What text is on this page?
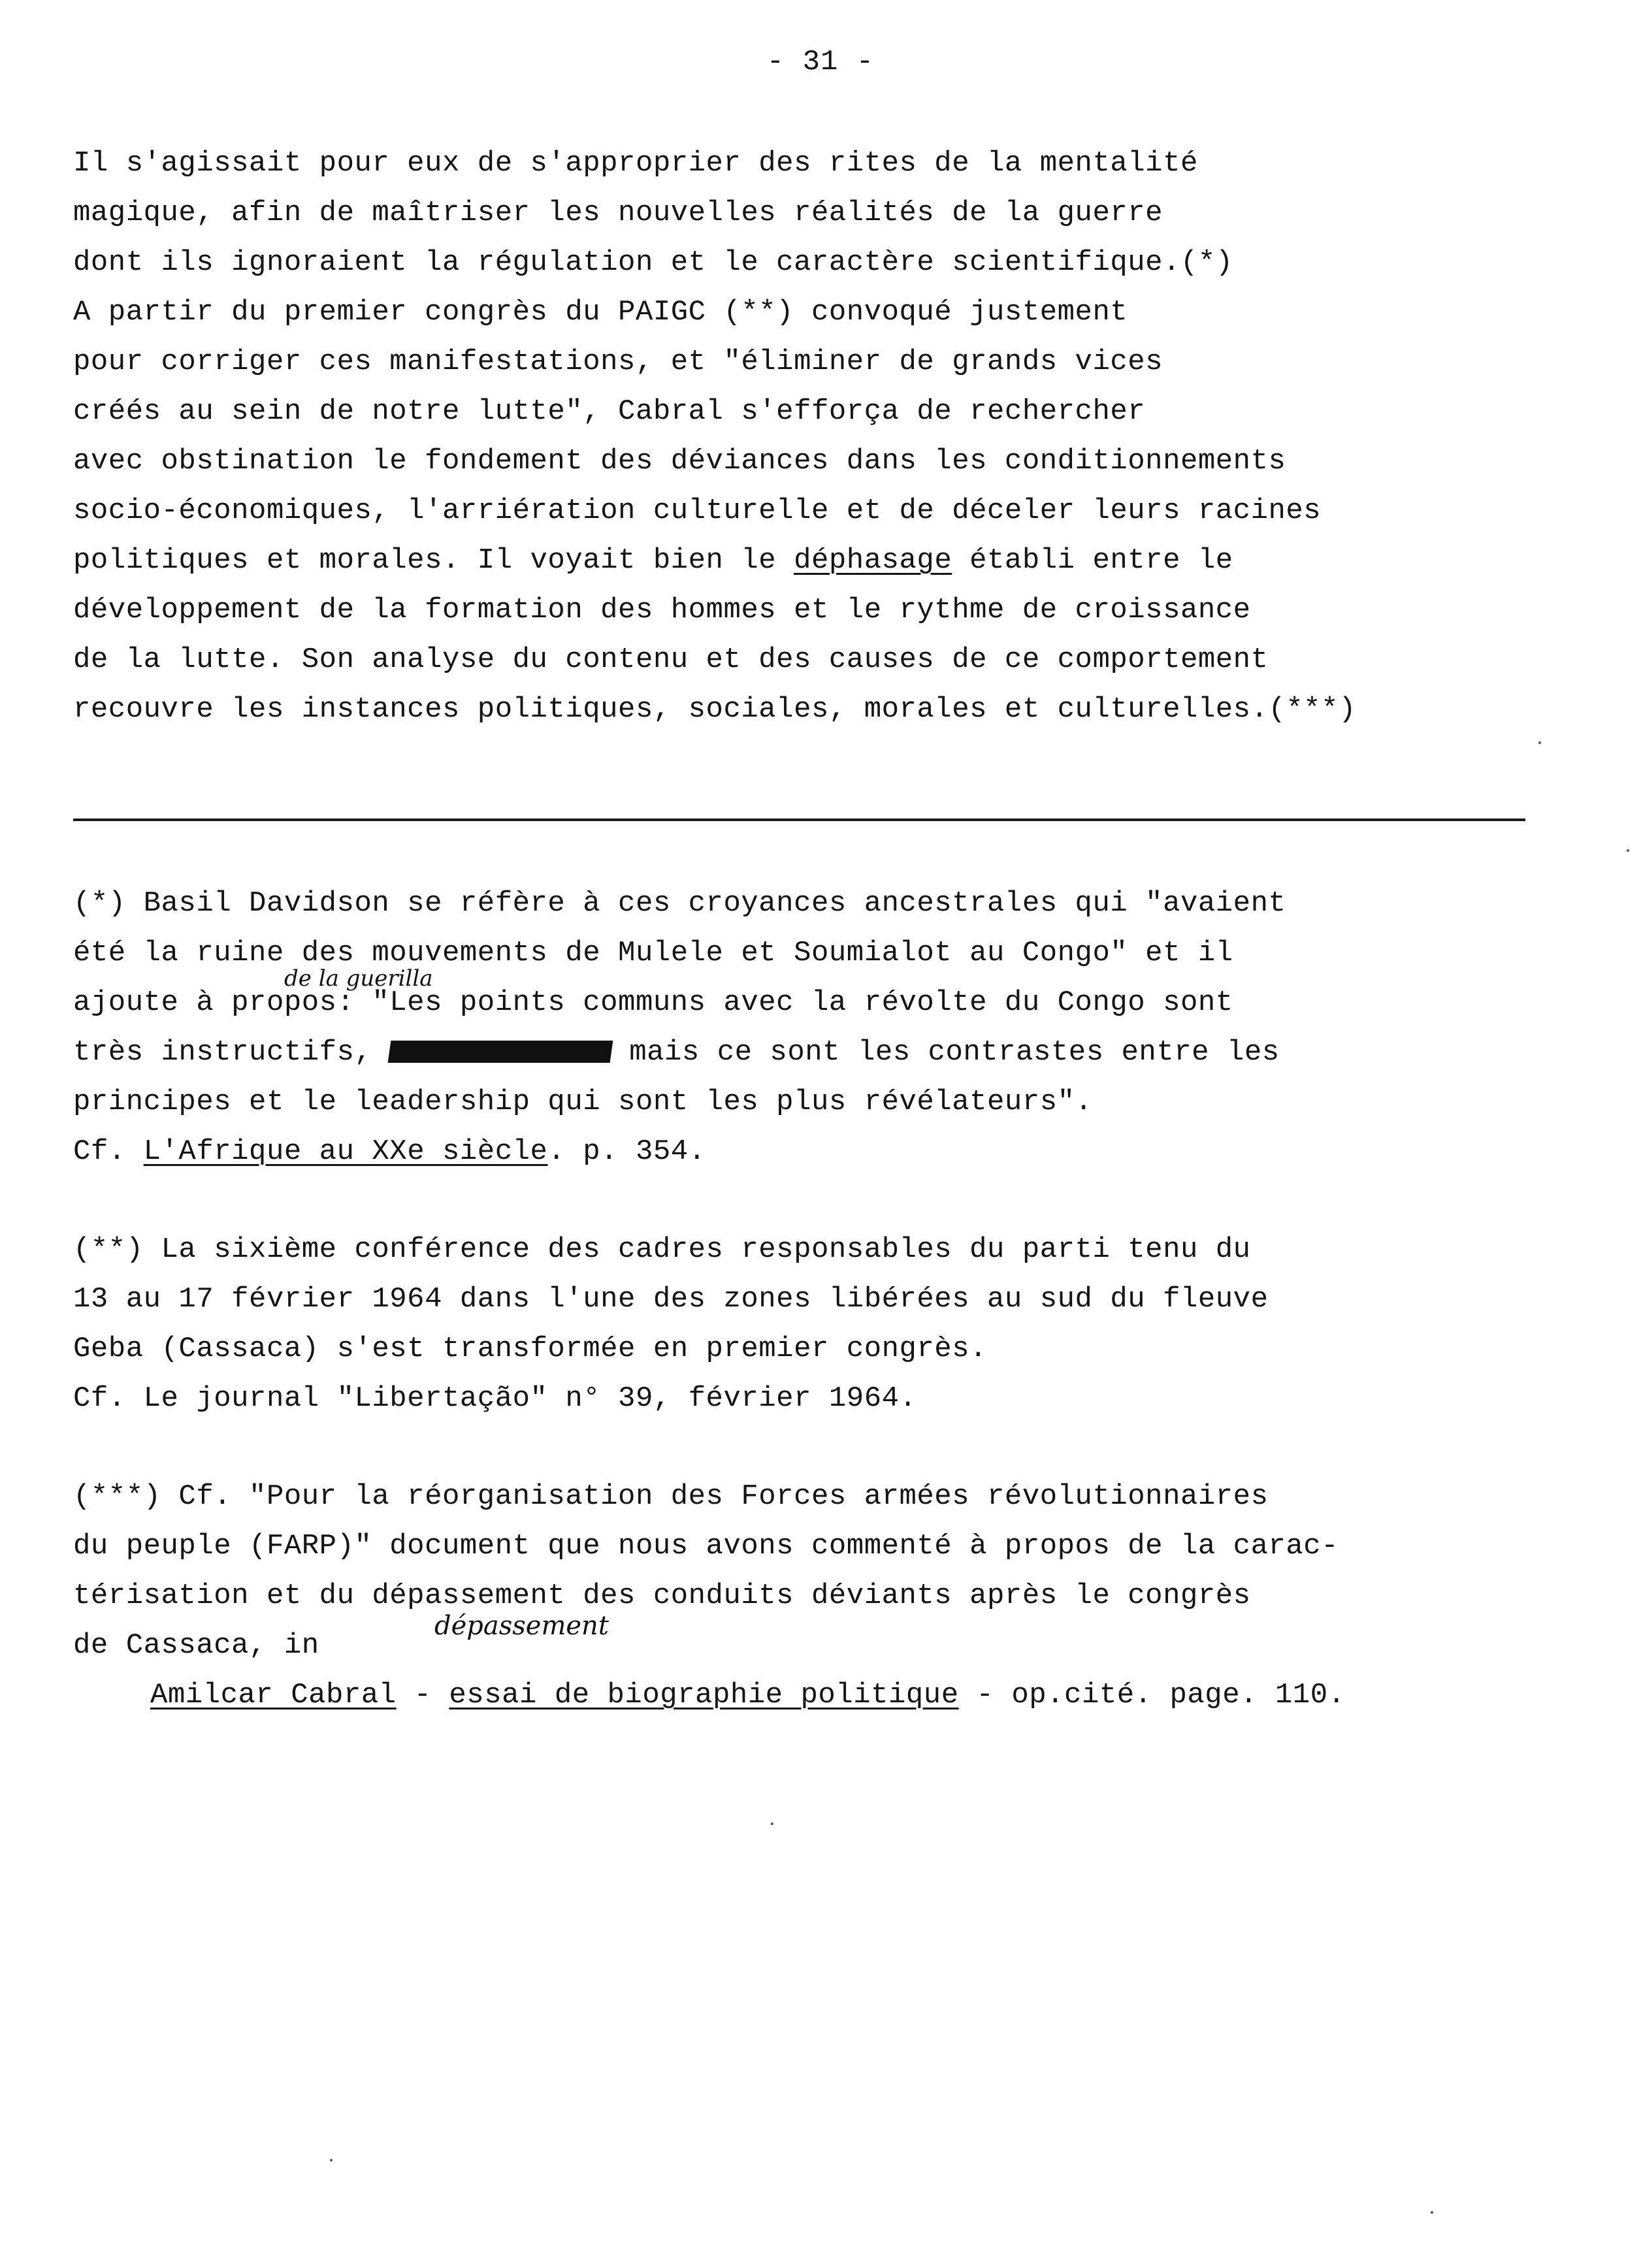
- 31 -
Il s'agissait pour eux de s'approprier des rites de la mentalité
magique, afin de maîtriser les nouvelles réalités de la guerre
dont ils ignoraient la régulation et le caractère scientifique.(*)
A partir du premier congrès du PAIGC (**) convoqué justement
pour corriger ces manifestations, et "éliminer de grands vices
créés au sein de notre lutte", Cabral s'efforça de rechercher
avec obstination le fondement des déviances dans les conditionnements
socio-économiques, l'arriération culturelle et de déceler leurs racines
politiques et morales. Il voyait bien le déphasage établi entre le
développement de la formation des hommes et le rythme de croissance
de la lutte. Son analyse du contenu et des causes de ce comportement
recouvre les instances politiques, sociales, morales et culturelles.(***)
de la guerilla
(*) Basil Davidson se réfère à ces croyances ancestrales qui "avaient
été la ruine des mouvements de Mulele et Soumialot au Congo" et il
ajoute à propos: "Les points communs avec la révolte du Congo sont
très instructifs,	mais ce sont les contrastes entre les
principes et le leadership qui sont les plus révélateurs".
Cf. L'Afrique au XXe siècle. p. 354.
(**) La sixième conférence des cadres responsables du parti tenu du
13 au 17 février 1964 dans l'une des zones libérées au sud du fleuve
Geba (Cassaca) s'est transformée en premier congrès.
Cf. Le journal "Libertação" n° 39, février 1964.
(***) Cf. "Pour la réorganisation des Forces armées révolutionnaires
du peuple (FARP)" document que nous avons commenté à propos de la carac-
térisation et du dépassement des conduits déviants après le congrès
dépassement
de Cassaca, in
Amilcar Cabral - essai de biographie politique - op.cité. page. 110.
